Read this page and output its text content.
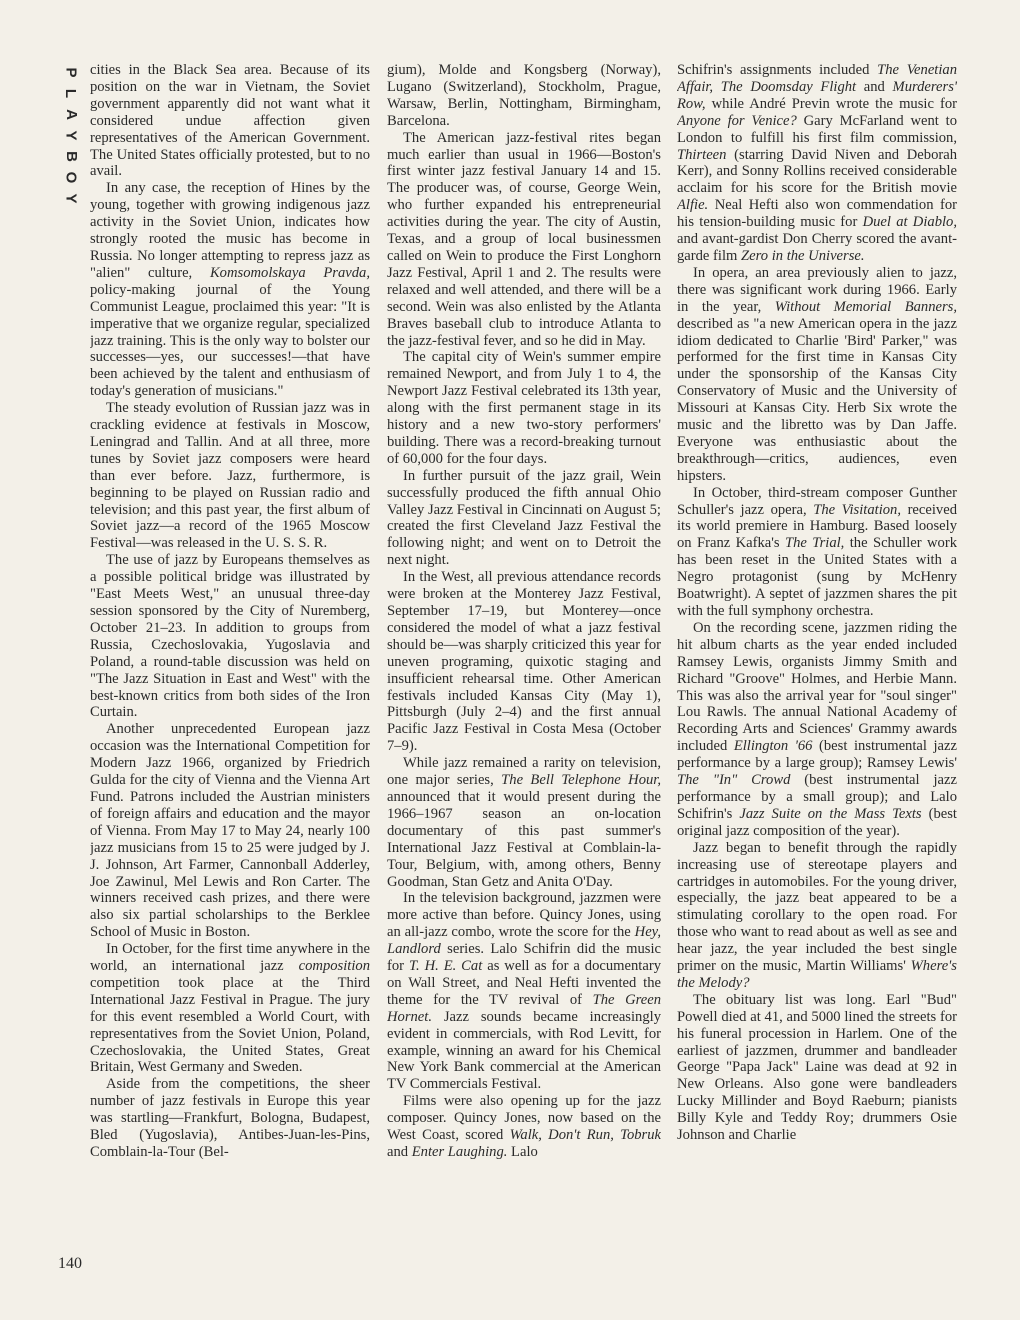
P
L
A
Y
B
O
Y

cities in the Black Sea area. Because of its position on the war in Vietnam, the Soviet government apparently did not want what it considered undue affection given representatives of the American Government. The United States officially protested, but to no avail.

In any case, the reception of Hines by the young, together with growing indigenous jazz activity in the Soviet Union, indicates how strongly rooted the music has become in Russia. No longer attempting to repress jazz as "alien" culture, Komsomolskaya Pravda, policy-making journal of the Young Communist League, proclaimed this year: "It is imperative that we organize regular, specialized jazz training. This is the only way to bolster our successes—yes, our successes!—that have been achieved by the talent and enthusiasm of today's generation of musicians."

The steady evolution of Russian jazz was in crackling evidence at festivals in Moscow, Leningrad and Tallin. And at all three, more tunes by Soviet jazz composers were heard than ever before. Jazz, furthermore, is beginning to be played on Russian radio and television; and this past year, the first album of Soviet jazz—a record of the 1965 Moscow Festival—was released in the U. S. S. R.

The use of jazz by Europeans themselves as a possible political bridge was illustrated by "East Meets West," an unusual three-day session sponsored by the City of Nuremberg, October 21–23. In addition to groups from Russia, Czechoslovakia, Yugoslavia and Poland, a round-table discussion was held on "The Jazz Situation in East and West" with the best-known critics from both sides of the Iron Curtain.

Another unprecedented European jazz occasion was the International Competition for Modern Jazz 1966, organized by Friedrich Gulda for the city of Vienna and the Vienna Art Fund. Patrons included the Austrian ministers of foreign affairs and education and the mayor of Vienna. From May 17 to May 24, nearly 100 jazz musicians from 15 to 25 were judged by J. J. Johnson, Art Farmer, Cannonball Adderley, Joe Zawinul, Mel Lewis and Ron Carter. The winners received cash prizes, and there were also six partial scholarships to the Berklee School of Music in Boston.

In October, for the first time anywhere in the world, an international jazz composition competition took place at the Third International Jazz Festival in Prague. The jury for this event resembled a World Court, with representatives from the Soviet Union, Poland, Czechoslovakia, the United States, Great Britain, West Germany and Sweden.

Aside from the competitions, the sheer number of jazz festivals in Europe this year was startling—Frankfurt, Bologna, Budapest, Bled (Yugoslavia), Antibes-Juan-les-Pins, Comblain-la-Tour (Bel-

gium), Molde and Kongsberg (Norway), Lugano (Switzerland), Stockholm, Prague, Warsaw, Berlin, Nottingham, Birmingham, Barcelona.

The American jazz-festival rites began much earlier than usual in 1966—Boston's first winter jazz festival January 14 and 15. The producer was, of course, George Wein, who further expanded his entrepreneurial activities during the year. The city of Austin, Texas, and a group of local businessmen called on Wein to produce the First Longhorn Jazz Festival, April 1 and 2. The results were relaxed and well attended, and there will be a second. Wein was also enlisted by the Atlanta Braves baseball club to introduce Atlanta to the jazz-festival fever, and so he did in May.

The capital city of Wein's summer empire remained Newport, and from July 1 to 4, the Newport Jazz Festival celebrated its 13th year, along with the first permanent stage in its history and a new two-story performers' building. There was a record-breaking turnout of 60,000 for the four days.

In further pursuit of the jazz grail, Wein successfully produced the fifth annual Ohio Valley Jazz Festival in Cincinnati on August 5; created the first Cleveland Jazz Festival the following night; and went on to Detroit the next night.

In the West, all previous attendance records were broken at the Monterey Jazz Festival, September 17–19, but Monterey—once considered the model of what a jazz festival should be—was sharply criticized this year for uneven programing, quixotic staging and insufficient rehearsal time. Other American festivals included Kansas City (May 1), Pittsburgh (July 2–4) and the first annual Pacific Jazz Festival in Costa Mesa (October 7–9).

While jazz remained a rarity on television, one major series, The Bell Telephone Hour, announced that it would present during the 1966–1967 season an on-location documentary of this past summer's International Jazz Festival at Comblain-la-Tour, Belgium, with, among others, Benny Goodman, Stan Getz and Anita O'Day.

In the television background, jazzmen were more active than before. Quincy Jones, using an all-jazz combo, wrote the score for the Hey, Landlord series. Lalo Schifrin did the music for T. H. E. Cat as well as for a documentary on Wall Street, and Neal Hefti invented the theme for the TV revival of The Green Hornet. Jazz sounds became increasingly evident in commercials, with Rod Levitt, for example, winning an award for his Chemical New York Bank commercial at the American TV Commercials Festival.

Films were also opening up for the jazz composer. Quincy Jones, now based on the West Coast, scored Walk, Don't Run, Tobruk and Enter Laughing. Lalo

Schifrin's assignments included The Venetian Affair, The Doomsday Flight and Murderers' Row, while André Previn wrote the music for Anyone for Venice? Gary McFarland went to London to fulfill his first film commission, Thirteen (starring David Niven and Deborah Kerr), and Sonny Rollins received considerable acclaim for his score for the British movie Alfie. Neal Hefti also won commendation for his tension-building music for Duel at Diablo, and avant-gardist Don Cherry scored the avant-garde film Zero in the Universe.

In opera, an area previously alien to jazz, there was significant work during 1966. Early in the year, Without Memorial Banners, described as "a new American opera in the jazz idiom dedicated to Charlie 'Bird' Parker," was performed for the first time in Kansas City under the sponsorship of the Kansas City Conservatory of Music and the University of Missouri at Kansas City. Herb Six wrote the music and the libretto was by Dan Jaffe. Everyone was enthusiastic about the breakthrough—critics, audiences, even hipsters.

In October, third-stream composer Gunther Schuller's jazz opera, The Visitation, received its world premiere in Hamburg. Based loosely on Franz Kafka's The Trial, the Schuller work has been reset in the United States with a Negro protagonist (sung by McHenry Boatwright). A septet of jazzmen shares the pit with the full symphony orchestra.

On the recording scene, jazzmen riding the hit album charts as the year ended included Ramsey Lewis, organists Jimmy Smith and Richard "Groove" Holmes, and Herbie Mann. This was also the arrival year for "soul singer" Lou Rawls. The annual National Academy of Recording Arts and Sciences' Grammy awards included Ellington '66 (best instrumental jazz performance by a large group); Ramsey Lewis' The "In" Crowd (best instrumental jazz performance by a small group); and Lalo Schifrin's Jazz Suite on the Mass Texts (best original jazz composition of the year).

Jazz began to benefit through the rapidly increasing use of stereotape players and cartridges in automobiles. For the young driver, especially, the jazz beat appeared to be a stimulating corollary to the open road. For those who want to read about as well as see and hear jazz, the year included the best single primer on the music, Martin Williams' Where's the Melody?

The obituary list was long. Earl "Bud" Powell died at 41, and 5000 lined the streets for his funeral procession in Harlem. One of the earliest of jazzmen, drummer and bandleader George "Papa Jack" Laine was dead at 92 in New Orleans. Also gone were bandleaders Lucky Millinder and Boyd Raeburn; pianists Billy Kyle and Teddy Roy; drummers Osie Johnson and Charlie

140
